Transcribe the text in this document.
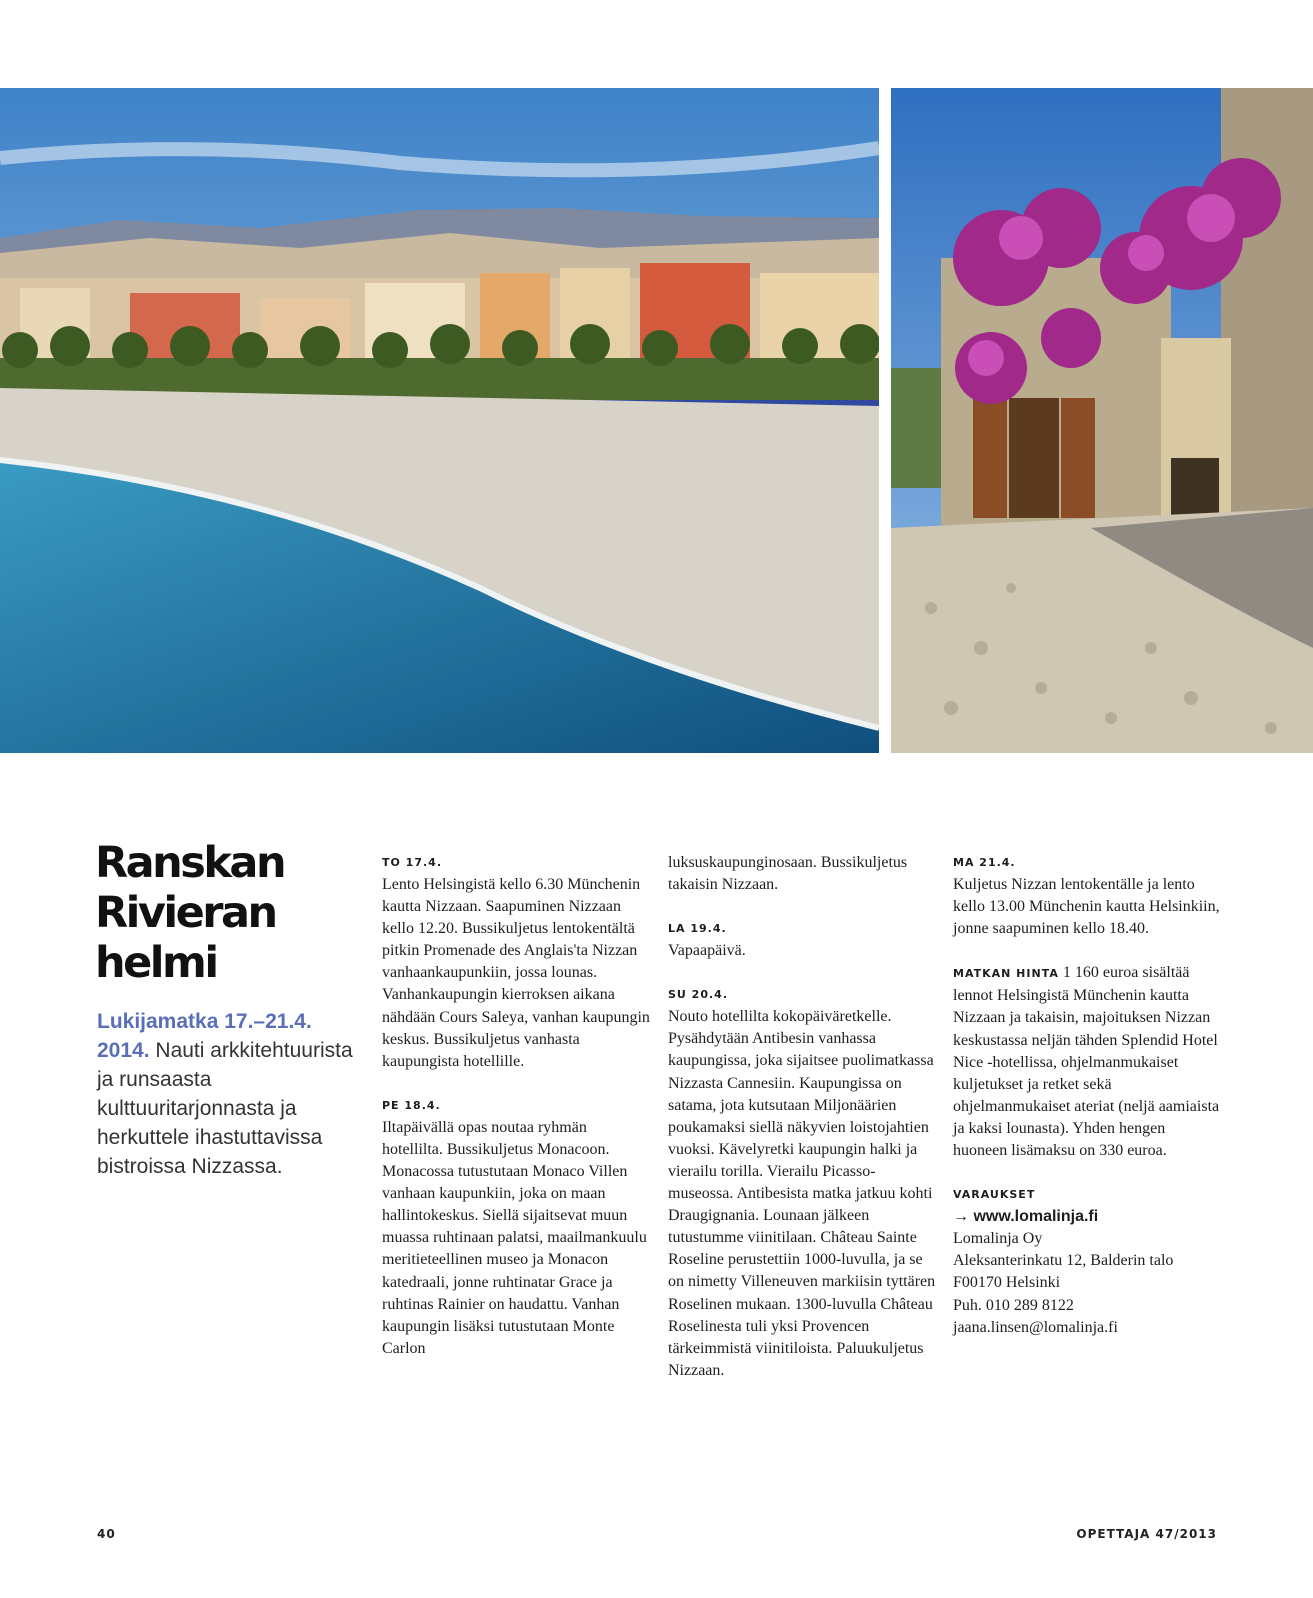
Ranskan
Rivieran
helmi

Lukijamatka 17.–21.4. 2014. Nauti arkkitehtuurista ja runsaasta kulttuuritarjonnasta ja herkuttele ihastuttavissa bistroissa Nizzassa.

TO 17.4.

Lento Helsingistä kello 6.30 Münchenin kautta Nizzaan. Saapuminen Nizzaan kello 12.20. Bussikuljetus lentokentältä pitkin Promenade des Anglais'ta Nizzan vanhaankaupunkiin, jossa lounas. Vanhankaupungin kierroksen aikana nähdään Cours Saleya, vanhan kaupungin keskus. Bussikuljetus vanhasta kaupungista hotellille.

PE 18.4.

Iltapäivällä opas noutaa ryhmän hotellilta. Bussikuljetus Monacoon. Monacossa tutustutaan Monaco Villen vanhaan kaupunkiin, joka on maan hallintokeskus. Siellä sijaitsevat muun muassa ruhtinaan palatsi, maailmankuulu meritieteellinen museo ja Monacon katedraali, jonne ruhtinatar Grace ja ruhtinas Rainier on haudattu. Vanhan kaupungin lisäksi tutustutaan Monte Carlon

luksuskaupunginosaan. Bussikuljetus takaisin Nizzaan.

LA 19.4.

Vapaapäivä.

SU 20.4.

Nouto hotellilta kokopäiväretkelle. Pysähdytään Antibesin vanhassa kaupungissa, joka sijaitsee puolimatkassa Nizzasta Cannesiin. Kaupungissa on satama, jota kutsutaan Miljonäärien poukamaksi siellä näkyvien loistojahtien vuoksi. Kävelyretki kaupungin halki ja vierailu torilla. Vierailu Picasso-museossa. Antibesista matka jatkuu kohti Draugignania. Lounaan jälkeen tutustumme viinitilaan. Château Sainte Roseline perustettiin 1000-luvulla, ja se on nimetty Villeneuven markiisin tyttären Roselinen mukaan. 1300-luvulla Château Roselinesta tuli yksi Provencen tärkeimmistä viinitiloista. Paluukuljetus Nizzaan.

MA 21.4.

Kuljetus Nizzan lentokentälle ja lento kello 13.00 Münchenin kautta Helsinkiin, jonne saapuminen kello 18.40.

MATKAN HINTA 1 160 euroa sisältää lennot Helsingistä Münchenin kautta Nizzaan ja takaisin, majoituksen Nizzan keskustassa neljän tähden Splendid Hotel Nice -hotellissa, ohjelmanmukaiset kuljetukset ja retket sekä ohjelmanmukaiset ateriat (neljä aamiaista ja kaksi lounasta). Yhden hengen huoneen lisämaksu on 330 euroa.

VARAUKSET
→ www.lomalinja.fi
Lomalinja Oy
Aleksanterinkatu 12, Balderin talo
F00170 Helsinki
Puh. 010 289 8122
jaana.linsen@lomalinja.fi
40	OPETTAJA 47/2013
